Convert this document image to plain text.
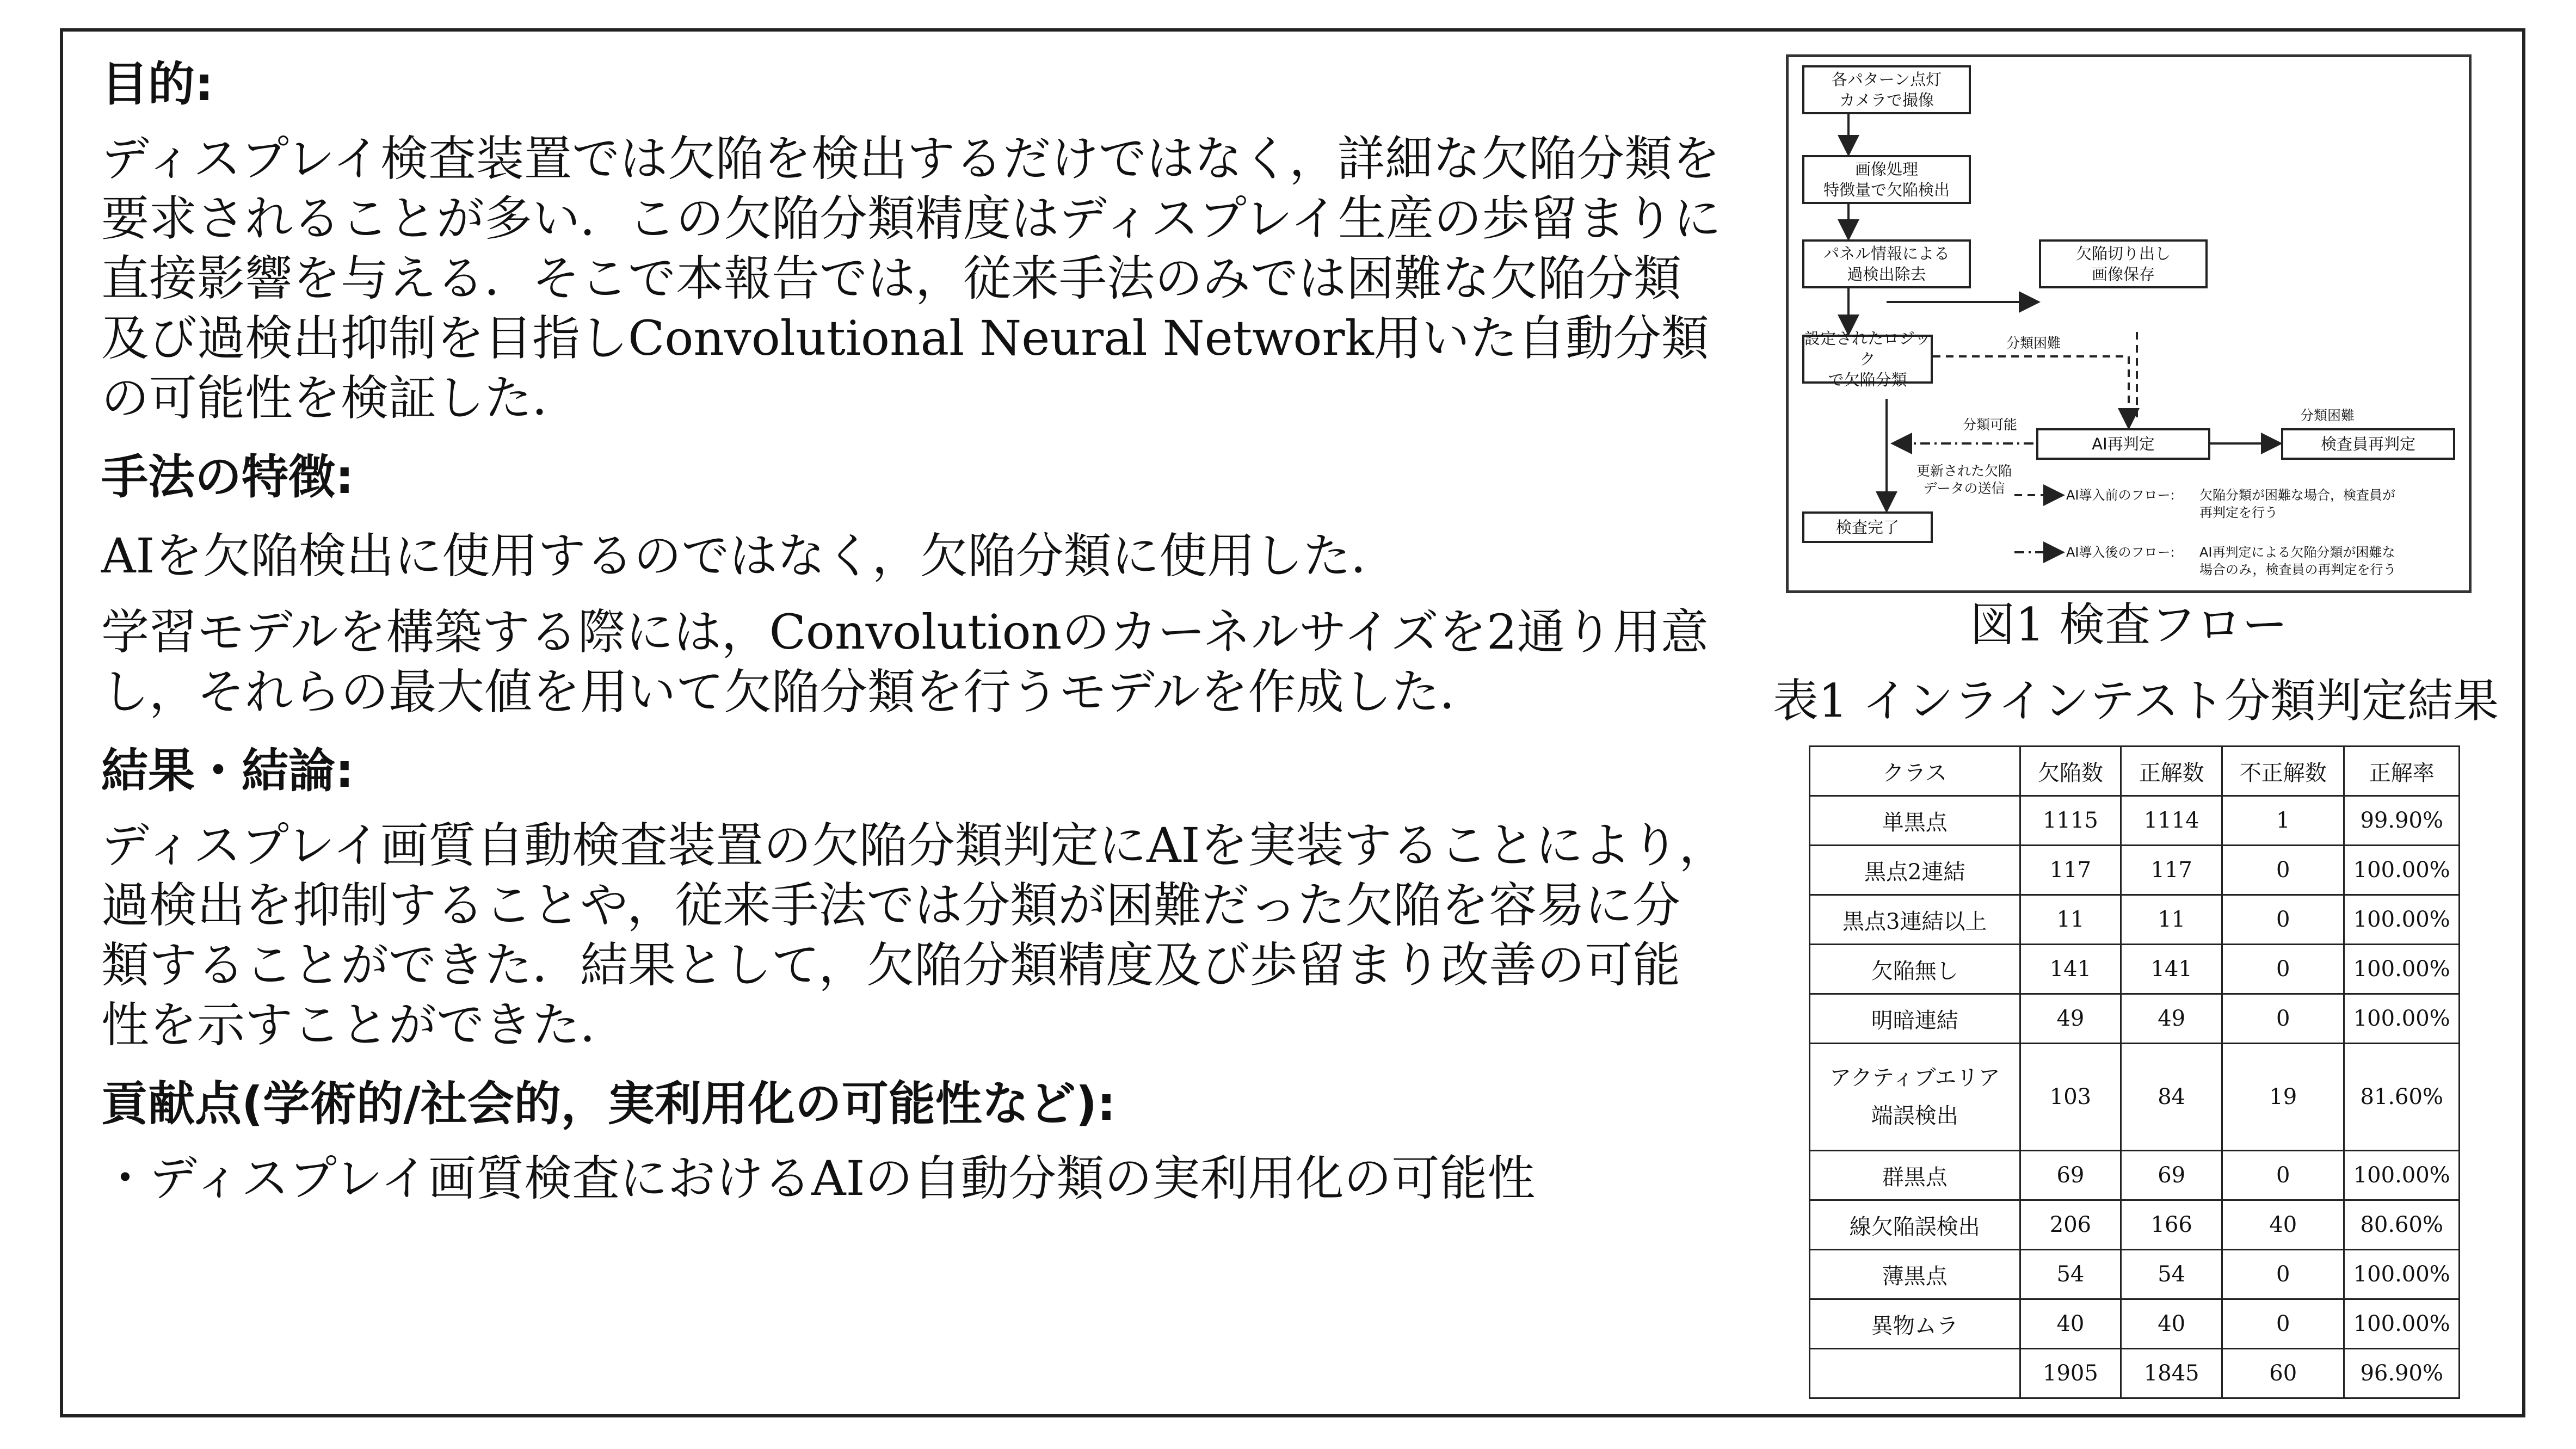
目的:

ディスプレイ検査装置では欠陥を検出するだけではなく，詳細な欠陥分類を要求されることが多い．この欠陥分類精度はディスプレイ生産の歩留まりに直接影響を与える．そこで本報告では，従来手法のみでは困難な欠陥分類及び過検出抑制を目指しConvolutional Neural Network用いた自動分類の可能性を検証した．

手法の特徴:

AIを欠陥検出に使用するのではなく，欠陥分類に使用した．

学習モデルを構築する際には，Convolutionのカーネルサイズを2通り用意し，それらの最大値を用いて欠陥分類を行うモデルを作成した．

結果・結論:

ディスプレイ画質自動検査装置の欠陥分類判定にAIを実装することにより，過検出を抑制することや，従来手法では分類が困難だった欠陥を容易に分類することができた．結果として，欠陥分類精度及び歩留まり改善の可能性を示すことができた．

貢献点(学術的/社会的，実利用化の可能性など):

・ディスプレイ画質検査におけるAIの自動分類の実利用化の可能性

各パターン点灯
カメラで撮像
画像処理
特徴量で欠陥検出
パネル情報による
過検出除去
欠陥切り出し
画像保存
設定されたロジック
で欠陥分類
AI再判定	検査員再判定
検査完了
分類困難
分類困難
分類可能
更新された欠陥
データの送信	AI導入前のフロー: 欠陥分類が困難な場合，検査員が
再判定を行う
AI導入後のフロー: AI再判定による欠陥分類が困難な
場合のみ，検査員の再判定を行う
図1 検査フロー
表1 インラインテスト分類判定結果
クラス	欠陥数	正解数	不正解数	正解率
単黒点	1115	1114	1	99.90%
黒点2連結	117	117	0	100.00%
黒点3連結以上	11	11	0	100.00%
欠陥無し	141	141	0	100.00%
明暗連結	49	49	0	100.00%

アクティブエリア
端誤検出	103	84	19	81.60%
群黒点	69	69	0	100.00%
線欠陥誤検出	206	166	40	80.60%
薄黒点	54	54	0	100.00%
異物ムラ	40	40	0	100.00%
	1905	1845	60	96.90%
